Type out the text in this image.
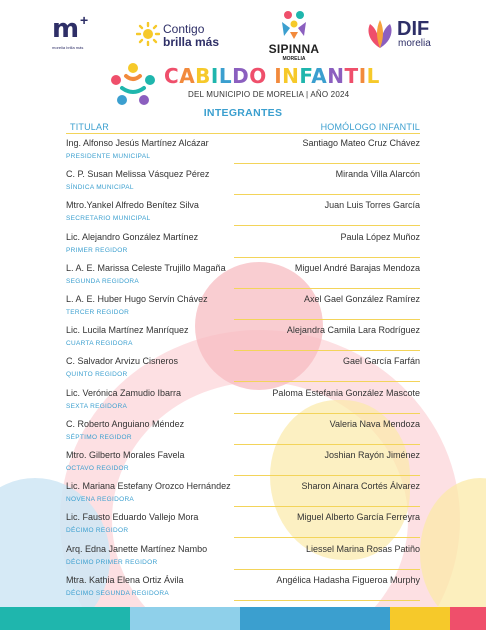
m +
morelia brilla más
Contigo
brilla más	SIPINNA
MORELIA
DIF
morelia
CABILDO INFANTIL
DEL MUNICIPIO DE MORELIA | AÑO 2024
INTEGRANTES
TITULAR	HOMÓLOGO INFANTIL
Ing. Alfonso Jesús Martínez Alcázar
PRESIDENTE MUNICIPAL
Santiago Mateo Cruz Chávez
C. P. Susan Melissa Vásquez Pérez
SÍNDICA MUNICIPAL
Miranda Villa Alarcón
Mtro.Yankel Alfredo Benítez Silva
SECRETARIO MUNICIPAL
Juan Luis Torres García
Lic. Alejandro González Martínez
PRIMER REGIDOR
Paula López Muñoz
L. A. E. Marissa Celeste Trujillo Magaña
SEGUNDA REGIDORA
Miguel André Barajas Mendoza
L. A. E. Huber Hugo Servín Chávez
TERCER REGIDOR
Axel Gael González Ramírez
Lic. Lucila Martínez Manríquez
CUARTA REGIDORA
Alejandra Camila Lara Rodríguez
C. Salvador Arvizu Cisneros
QUINTO REGIDOR
Gael García Farfán
Lic. Verónica Zamudio Ibarra
SEXTA REGIDORA
Paloma Estefania González Mascote
C. Roberto Anguiano Méndez
SÉPTIMO REGIDOR
Valeria Nava Mendoza
Mtro. Gilberto Morales Favela
OCTAVO REGIDOR
Joshian Rayón Jiménez
Lic. Mariana Estefany Orozco Hernández
NOVENA REGIDORA
Sharon Ainara Cortés Álvarez
Lic. Fausto Eduardo Vallejo Mora
DÉCIMO REGIDOR
Miguel Alberto García Ferreyra
Arq. Edna Janette Martínez Nambo
DÉCIMO PRIMER REGIDOR
Liessel Marina Rosas Patiño
Mtra. Kathia Elena Ortiz Ávila
DÉCIMO SEGUNDA REGIDORA
Angélica Hadasha Figueroa Murphy
